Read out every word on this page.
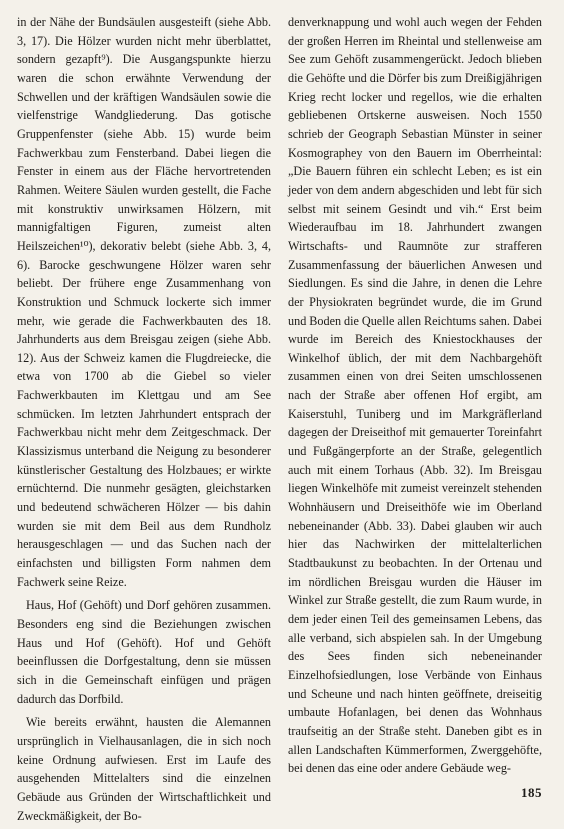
in der Nähe der Bundsäulen ausgesteift (siehe Abb. 3, 17). Die Hölzer wurden nicht mehr überblattet, sondern gezapft⁹). Die Ausgangspunkte hierzu waren die schon erwähnte Verwendung der Schwellen und der kräftigen Wandsäulen sowie die vielfenstrige Wandgliederung. Das gotische Gruppenfenster (siehe Abb. 15) wurde beim Fachwerkbau zum Fensterband. Dabei liegen die Fenster in einem aus der Fläche hervortretenden Rahmen. Weitere Säulen wurden gestellt, die Fache mit konstruktiv unwirksamen Hölzern, mit mannigfaltigen Figuren, zumeist alten Heilszeichen¹⁰), dekorativ belebt (siehe Abb. 3, 4, 6). Barocke geschwungene Hölzer waren sehr beliebt. Der frühere enge Zusammenhang von Konstruktion und Schmuck lockerte sich immer mehr, wie gerade die Fachwerkbauten des 18. Jahrhunderts aus dem Breisgau zeigen (siehe Abb. 12). Aus der Schweiz kamen die Flugdreiecke, die etwa von 1700 ab die Giebel so vieler Fachwerkbauten im Klettgau und am See schmücken. Im letzten Jahrhundert entsprach der Fachwerkbau nicht mehr dem Zeitgeschmack. Der Klassizismus unterband die Neigung zu besonderer künstlerischer Gestaltung des Holzbaues; er wirkte ernüchternd. Die nunmehr gesägten, gleichstarken und bedeutend schwächeren Hölzer — bis dahin wurden sie mit dem Beil aus dem Rundholz herausgeschlagen — und das Suchen nach der einfachsten und billigsten Form nahmen dem Fachwerk seine Reize.

Haus, Hof (Gehöft) und Dorf gehören zusammen. Besonders eng sind die Beziehungen zwischen Haus und Hof (Gehöft). Hof und Gehöft beeinflussen die Dorfgestaltung, denn sie müssen sich in die Gemeinschaft einfügen und prägen dadurch das Dorfbild.

Wie bereits erwähnt, hausten die Alemannen ursprünglich in Vielhausanlagen, die in sich noch keine Ordnung aufwiesen. Erst im Laufe des ausgehenden Mittelalters sind die einzelnen Gebäude aus Gründen der Wirtschaftlichkeit und Zweckmäßigkeit, der Bo-

denverknappung und wohl auch wegen der Fehden der großen Herren im Rheintal und stellenweise am See zum Gehöft zusammengerückt. Jedoch blieben die Gehöfte und die Dörfer bis zum Dreißigjährigen Krieg recht locker und regellos, wie die erhalten gebliebenen Ortskerne ausweisen. Noch 1550 schrieb der Geograph Sebastian Münster in seiner Kosmographey von den Bauern im Oberrheintal: „Die Bauern führen ein schlecht Leben; es ist ein jeder von dem andern abgeschiden und lebt für sich selbst mit seinem Gesindt und vih.“ Erst beim Wiederaufbau im 18. Jahrhundert zwangen Wirtschafts- und Raumnöte zur strafferen Zusammenfassung der bäuerlichen Anwesen und Siedlungen. Es sind die Jahre, in denen die Lehre der Physiokraten begründet wurde, die im Grund und Boden die Quelle allen Reichtums sahen. Dabei wurde im Bereich des Kniestockhauses der Winkelhof üblich, der mit dem Nachbargehöft zusammen einen von drei Seiten umschlossenen nach der Straße aber offenen Hof ergibt, am Kaiserstuhl, Tuniberg und im Markgräflerland dagegen der Dreiseithof mit gemauerter Toreinfahrt und Fußgängerpforte an der Straße, gelegentlich auch mit einem Torhaus (Abb. 32). Im Breisgau liegen Winkelhöfe mit zumeist vereinzelt stehenden Wohnhäusern und Dreiseithöfe wie im Oberland nebeneinander (Abb. 33). Dabei glauben wir auch hier das Nachwirken der mittelalterlichen Stadtbaukunst zu beobachten. In der Ortenau und im nördlichen Breisgau wurden die Häuser im Winkel zur Straße gestellt, die zum Raum wurde, in dem jeder einen Teil des gemeinsamen Lebens, das alle verband, sich abspielen sah. In der Umgebung des Sees finden sich nebeneinander Einzelhofsiedlungen, lose Verbände von Einhaus und Scheune und nach hinten geöffnete, dreiseitig umbaute Hofanlagen, bei denen das Wohnhaus traufseitig an der Straße steht. Daneben gibt es in allen Landschaften Kümmerformen, Zwerggehöfte, bei denen das eine oder andere Gebäude weg-

185
